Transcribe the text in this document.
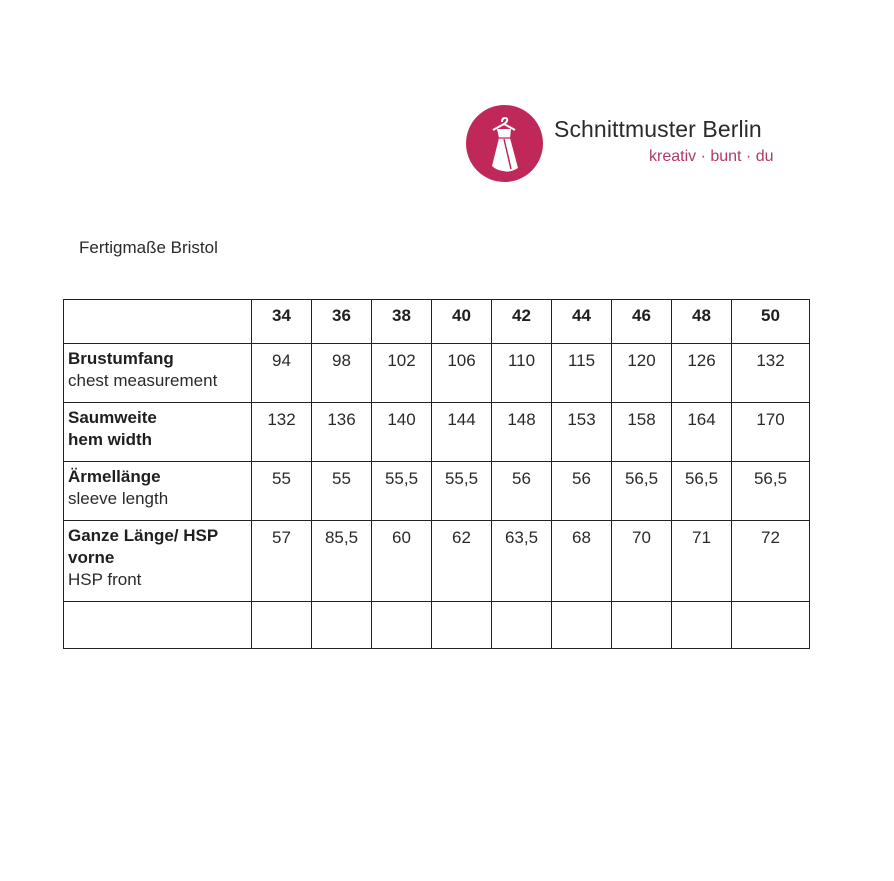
Schnittmuster Berlin
kreativ · bunt · du
Fertigmaße Bristol
	34	36	38	40	42	44	46	48	50

Brustumfang
chest measurement	94	98	102	106	110	115	120	126	132

Saumweite hem width	132	136	140	144	148	153	158	164	170

Ärmellänge
sleeve length	55	55	55,5	55,5	56	56	56,5	56,5	56,5

Ganze Länge/ HSP vorne
HSP front	57	85,5	60	62	63,5	68	70	71	72
